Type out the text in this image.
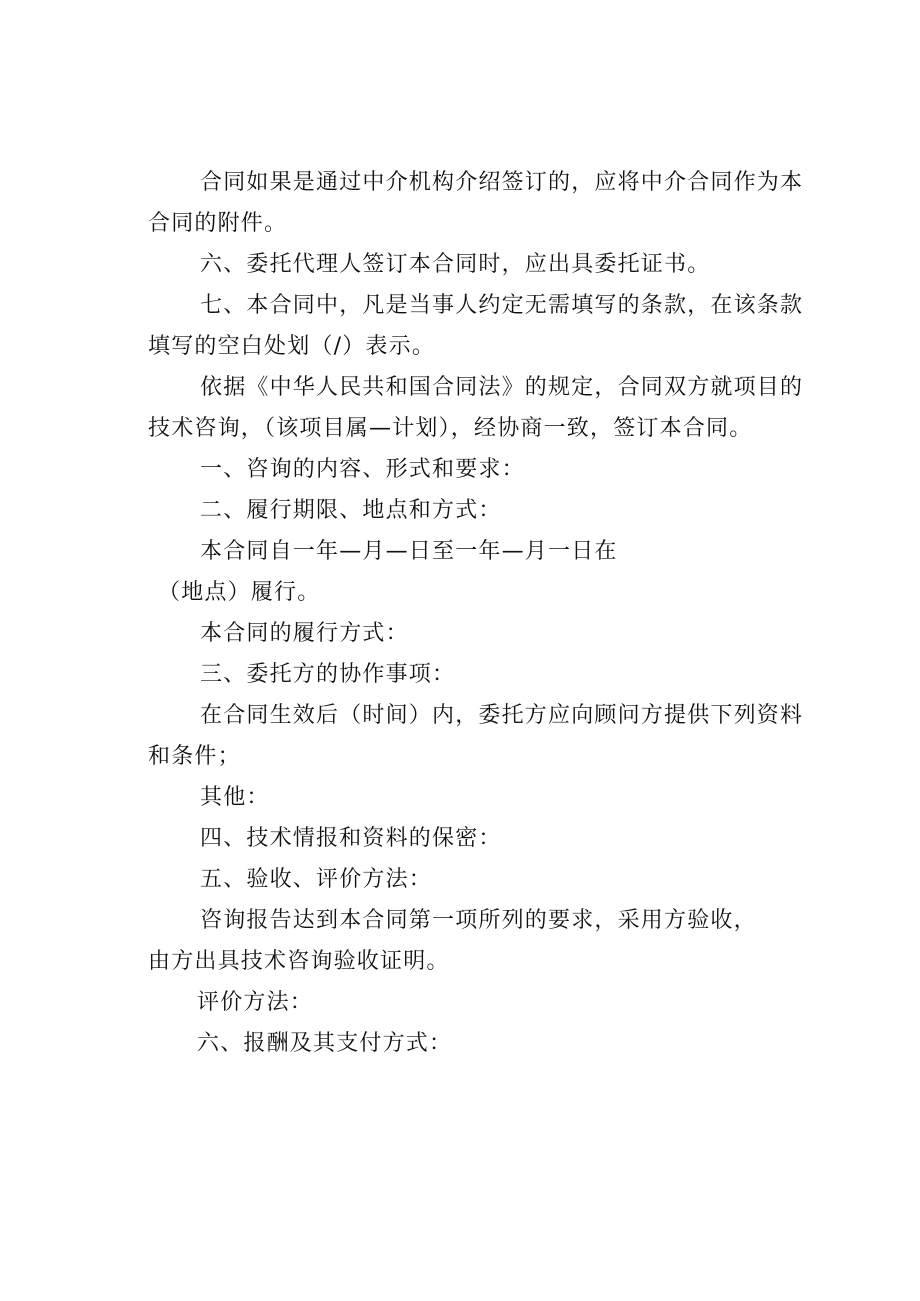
合同如果是通过中介机构介绍签订的，应将中介合同作为本
合同的附件。
六、委托代理人签订本合同时，应出具委托证书。
七、本合同中，凡是当事人约定无需填写的条款，在该条款
填写的空白处划（/）表示。
依据《中华人民共和国合同法》的规定，合同双方就项目的
技术咨询，（该项目属—计划），经协商一致，签订本合同。
一、咨询的内容、形式和要求：
二、履行期限、地点和方式：
本合同自一年—月—日至一年—月一日在
（地点）履行。
本合同的履行方式：
三、委托方的协作事项：
在合同生效后（时间）内，委托方应向顾问方提供下列资料
和条件；
其他：
四、技术情报和资料的保密：
五、验收、评价方法：
咨询报告达到本合同第一项所列的要求，采用方验收，
由方出具技术咨询验收证明。
评价方法：
六、报酬及其支付方式：
